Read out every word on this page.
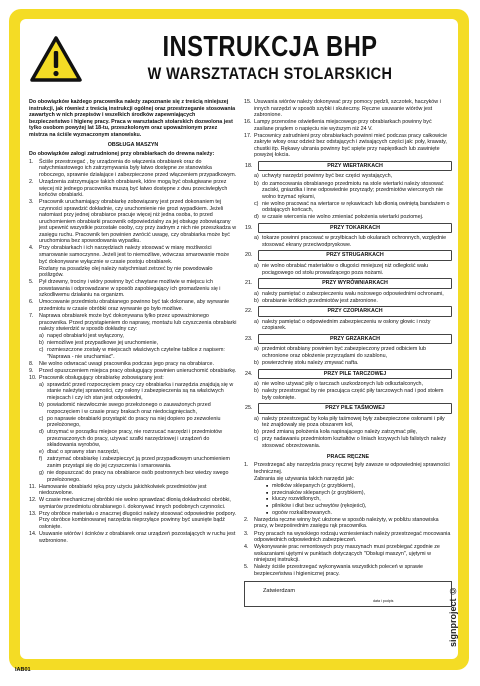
INSTRUKCJA BHP
W WARSZTATACH STOLARSKICH

Do obowiązków każdego pracownika należy zapoznanie się z treścią niniejszej instrukcji, jak również z treścią instrukcji ogólnej oraz przestrzeganie stosowania zawartych w nich przepisów i wszelkich środków zapewniających bezpieczeństwo i higienę pracy. Praca w warsztatach stolarskich dozwolona jest tylko osobom powyżej lat 18-tu, przeszkolonym oraz upoważnionym przez mistrza na ściśle wyznaczonym stanowisku.

OBSŁUGA MASZYN

Do obowiązków załogi zatrudnionej przy obrabiarkach do drewna należy:

1.	Ściśle przestrzegać , by urządzenia do włączenia obrabiarek oraz do natychmiastowego ich zatrzymywania były łatwo dostępne ze stanowiska roboczego, sprawnie działające i zabezpieczone przed włączeniem przypadkowym.
2.	Urządzenia zatrzymujące takich obrabiarek, które mogą być obsługiwane przez więcej niż jednego pracownika muszą być łatwo dostępne z dwu przeciwległych końców obrabiarki.
3.	Pracownik uruchamiający obrabiarkę zobowiązany jest przed dokonaniem tej czynności sprawdzić dokładnie, czy uruchomienie nie grozi wypadkiem. Jeżeli natomiast przy jednej obrabiarce pracuje więcej niż jedna osoba, to przed uruchomieniem obrabiarki pracownik odpowiedzialny za jej obsługę zobowiązany jest upewnić wszystkie pozostałe osoby, czy przy żadnym z nich nie przeszkadza w zasięgu ruchu. Pracownik ten powinien zwrócić uwagę, czy obrabiarka może być uruchomiona bez spowodowania wypadku.
4.	Przy obrabiarkach i ich narzędziach należy stosować w miarę możliwości smarowanie samoczynne. Jeżeli jest to niemożliwe, wówczas smarowanie może być dokonywane wyłącznie w czasie postoju obrabiarek.
Rozlany na posadzkę olej należy natychmiast zetrzeć by nie powodowało poślizgów.
5.	Pył drzewny, trociny i wióry powinny być chwytane możliwie w miejscu ich powstawania i odprowadzane w sposób zapobiegający ich gromadzeniu się i szkodliwemu działaniu na organizm.
6.	Umocowanie przedmiotu obrabianego powinno być tak dokonane, aby wyrwanie przedmiotu w czasie obróbki oraz wyrwanie go było możliwe.
7.	Naprawa obrabiarek może być dokonywana tylko przez upoważnionego pracownika. Przed przystąpieniem do naprawy, montażu lub czyszczenia obrabiarki należy stwierdzić w sposób dokładny czy:
a) napęd obrabiarki jest wyłączony,
b) niemożliwe jest przypadkowe jej uruchomienie,
c) rozmieszczone zostały w miejscach właściwych czytelne tablice z napisem: "Naprawa - nie uruchamiać".
8.	Nie wolno odwracać uwagi pracownika podczas jego pracy na obrabiarce.
9.	Przed opuszczeniem miejsca pracy obsługujący powinien unieruchomić obrabiarkę.
10. Pracownik obsługujący obrabiarkę zobowiązany jest:
a) sprawdzić przed rozpoczęciem pracy czy obrabiarka i narzędzia znajdują się w stanie należytej sprawności, czy osłony i zabezpieczenia są na właściwych miejscach i czy ich stan jest odpowiedni,
b) powiadomić niezwłocznie swego przełożonego o zauważonych przed rozpoczęciem i w czasie pracy brakach oraz niedociągnięciach,
c) po naprawie obrabiarki przystąpić do pracy na niej dopiero po zezwoleniu przełożonego,
d) utrzymać w porządku miejsce pracy, nie rozrzucać narzędzi i przedmiotów przeznaczonych do pracy, używać szafki narzędziowej i urządzeń do składowania wyrobów,
e) dbać o sprawny stan narzędzi,
f) zatrzymać obrabiarkę i zabezpieczyć ją przed przypadkowym uruchomieniem zanim przystąpi się do jej czyszczenia i smarowania.
g) nie dopuszczać do pracy na obrabiarce osób postronnych bez wiedzy swego przełożonego.
11. Hamowanie obrabiarki ręką przy użyciu jakichkolwiek przedmiotów jest niedozwolone.
12. W czasie mechanicznej obróbki nie wolno sprawdzać dłonią dokładności obróbki, wymiarów przedmiotu obrabianego i. dokonywać innych podobnych czynności.
13. Przy obróbce materiału o znacznej długości należy stosować odpowiednie podpory. Przy obróbce kombinowanej narzędzia nieprzyłące powinny być usunięte bądź osłonięte.
14. Usuwanie wiórów i ścinków z obrabiarek oraz urządzeń pozostających w ruchu jest wzbronione.
15. Usuwania wiórów należy dokonywać przy pomocy pędzli, szczotek, haczyków i innych narzędzi w sposób szybki i skuteczny. Ręczne usuwanie wiórów jest zabronione.
16. Lampy przenośne oświetlenia miejscowego przy obrabiarkach powinny być zasilane prądem o napięciu nie wyższym niż 24 V.
17. Pracownicy zatrudnieni przy obrabiarkach powinni mieć podczas pracy całkowicie zakryte włosy oraz odzież bez odstających i zwisających części jak: poły, krawaty, chustki itp. Rękawy ubrania powinny być spięte przy napięstkach lub zawinięte powyżej łokcia.
18.	PRZY WIERTARKACH
a) uchwyty narzędzi powinny być bez części wystających,
b) do zamocowania obrabianego przedmiotu na stole wiertarki należy stosować zaciski, gniazdka i inne odpowiednie przyrządy; przedmiotów wierconych nie wolno trzymać rękami,
c) nie wolno pracować na wiertarce w rękawicach lub dłonią owiniętą bandażem o odstających końcach,
d) w czasie wiercenia nie wolno zmieniać położenia wiertarki poziomej.
19.	PRZY TOKARKACH
a) tokarze powinni pracować w przyłbicach lub okularach ochronnych, względnie stosować ekrany przeciwodpryskowe.
20.	PRZY STRUGARKACH
a) nie wolno obrabiać materiałów o długości mniejszej niż odległość wału pociągowego od stołu prowadzącego poza nożami.
21.	PRZY WYRÓWNIARKACH
a) należy pamiętać o zabezpieczeniu wału nożowego odpowiednimi ochronami,
b) obrabianie krótkich przedmiotów jest zabronione.
22.	PRZY CZOPIARKACH
a) należy pamiętać o odpowiednim zabezpieczeniu w osłony głowic i noży czopiarek.
23.	PRZY GRZARKACH
a) przedmiot obrabiany powinien być zabezpieczony przed odbiciem lub ochronione oraz obłożenie przyrządami do szablonu,
b) powierzchnię stołu należy zmywać nafta.
24.	PRZY PILE TARCZOWEJ
a) nie wolno używać piły o tarczach uszkodzonych lub odkształconych,
b) należy przestrzegać by nie pracująca część piły tarczowych nad i pod stołem były osłonięte.
25.	PRZY PILE TAŚMOWEJ
a) należy przestrzegać by koła piły taśmowej były zabezpieczone osłonami i piły też znajdowały się poza obszarem koł,
b) przed zmianą położenia koła napinającego należy zatrzymać piłę,
c) przy nadawaniu przedmiotom kształtów o liniach krzywych lub falistych należy stosować obrzeżowania.
PRACE RĘCZNE
1.	Przestrzegać aby narzędzia pracy ręcznej były zawsze w odpowiedniej sprawności technicznej.
Zabrania się używania takich narzędzi jak:
■ młotków sklepanych (z grzybkiem),
■ przecinaków sklepanych (z grzybkiem),
■ kluczy rozwidlonych,
■ pilników i dłut bez uchwytów (rękojeści),
■ ogoów rozkalibrowanych.
2.	Narzędzia ręczne winny być ułożone w sposób należyty, w pobliżu stanowiska pracy, w bezpośrednim zasięgu rąk pracownika.
3.	Przy pracach na wysokiego rodzaju wzniesieniach należy przestrzegać mocowania odpowiednich odpowiednich zabezpieczeń.
4.	Wykonywanie prac remontowych przy maszynach musi przebiegać zgodnie ze wskazaniami ujętymi w punktach dotyczących "Obsługi maszyn", ujętymi w niniejszej instrukcji.
5.	Należy ściśle przestrzegać wykonywania wszystkich poleceń w sprawie bezpieczeństwa i higienicznej pracy.
Zatwierdzam
data i podpis	signproject ©
IAB01
